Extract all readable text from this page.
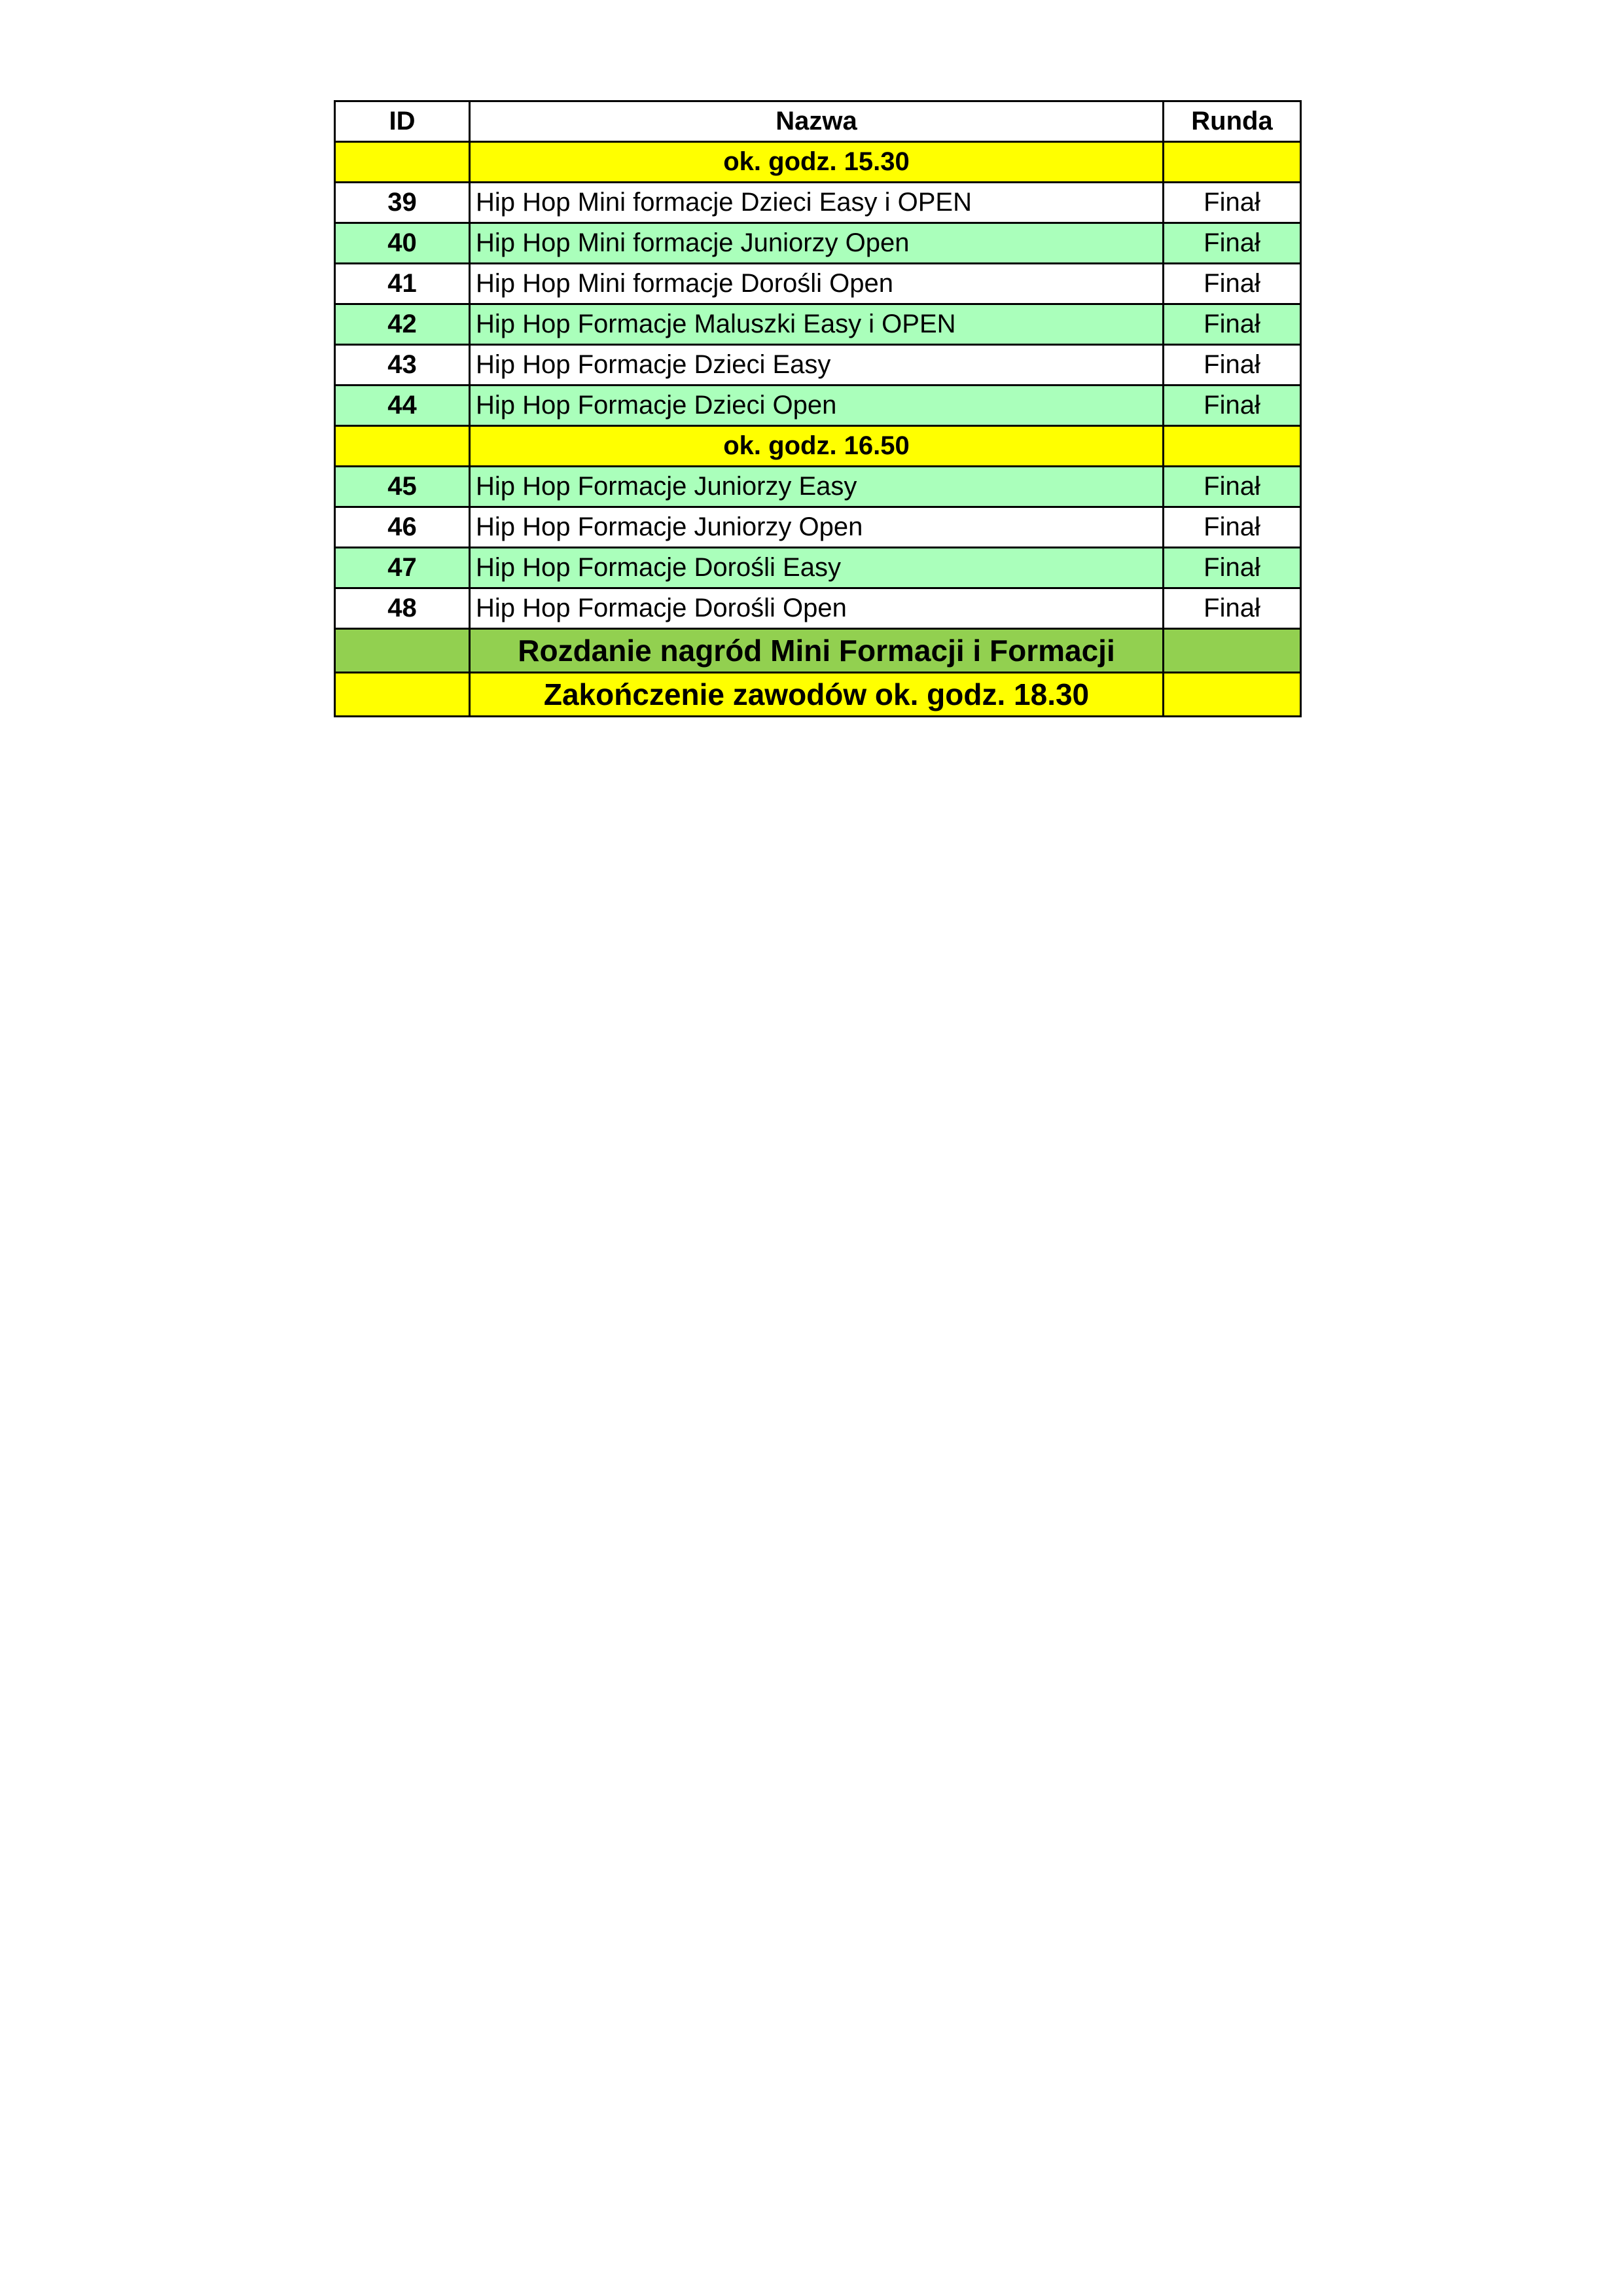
ID	Nazwa	Runda
	ok. godz. 15.30	
39	Hip Hop Mini formacje Dzieci Easy i OPEN	Finał
40	Hip Hop Mini formacje Juniorzy Open	Finał
41	Hip Hop Mini formacje Dorośli Open	Finał
42	Hip Hop Formacje Maluszki Easy i OPEN	Finał
43	Hip Hop Formacje Dzieci Easy	Finał
44	Hip Hop Formacje Dzieci Open	Finał
	ok. godz. 16.50	
45	Hip Hop Formacje Juniorzy Easy	Finał
46	Hip Hop Formacje Juniorzy Open	Finał
47	Hip Hop Formacje Dorośli Easy	Finał
48	Hip Hop Formacje Dorośli Open	Finał
	Rozdanie nagród Mini Formacji i Formacji	
	Zakończenie zawodów ok. godz. 18.30	
